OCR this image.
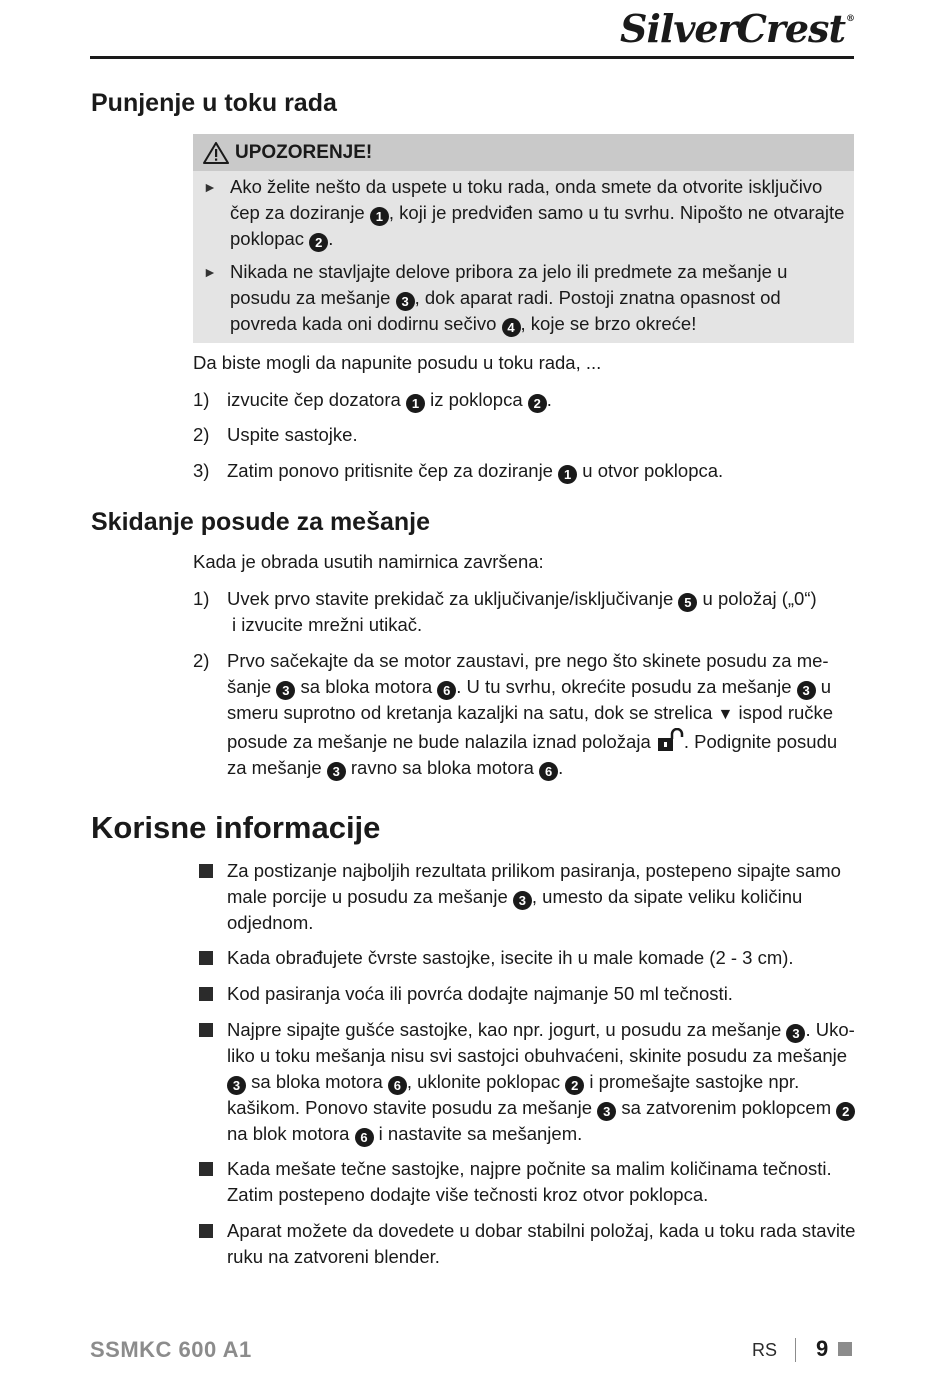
SilverCrest®
Punjenje u toku rada
UPOZORENJE!
► Ako želite nešto da uspete u toku rada, onda smete da otvorite isključivo čep za doziranje 1 , koji je predviđen samo u tu svrhu. Nipošto ne otvarajte poklopac 2 .
► Nikada ne stavljajte delove pribora za jelo ili predmete za mešanje u posudu za mešanje 3 , dok aparat radi. Postoji znatna opasnost od povreda kada oni dodirnu sečivo 4 , koje se brzo okreće!
Da biste mogli da napunite posudu u toku rada, ...
1) izvucite čep dozatora 1 iz poklopca 2 .
2) Uspite sastojke.
3) Zatim ponovo pritisnite čep za doziranje 1 u otvor poklopca.
Skidanje posude za mešanje
Kada je obrada usutih namirnica završena:
1) Uvek prvo stavite prekidač za uključivanje/isključivanje 5 u položaj („0“)
i izvucite mrežni utikač.
2) Prvo sačekajte da se motor zaustavi, pre nego što skinete posudu za me-šanje 3 sa bloka motora 6 . U tu svrhu, okrećite posudu za mešanje 3 u smeru suprotno od kretanja kazaljki na satu, dok se strelica ▼ ispod ručke posude za mešanje ne bude nalazila iznad položaja . Podignite posudu za mešanje 3 ravno sa bloka motora 6 .
Korisne informacije
Za postizanje najboljih rezultata prilikom pasiranja, postepeno sipajte samo male porcije u posudu za mešanje 3 , umesto da sipate veliku količinu odjednom.
Kada obrađujete čvrste sastojke, isecite ih u male komade (2 - 3 cm).
Kod pasiranja voća ili povrća dodajte najmanje 50 ml tečnosti.
Najpre sipajte gušće sastojke, kao npr. jogurt, u posudu za mešanje 3 . Uko-liko u toku mešanja nisu svi sastojci obuhvaćeni, skinite posudu za mešanje 3 sa bloka motora 6 , uklonite poklopac 2 i promešajte sastojke npr. kašikom. Ponovo stavite posudu za mešanje 3 sa zatvorenim poklopcem 2 na blok motora 6 i nastavite sa mešanjem.
Kada mešate tečne sastojke, najpre počnite sa malim količinama tečnosti. Zatim postepeno dodajte više tečnosti kroz otvor poklopca.
Aparat možete da dovedete u dobar stabilni položaj, kada u toku rada stavite ruku na zatvoreni blender.
SSMKC 600 A1	RS 9
